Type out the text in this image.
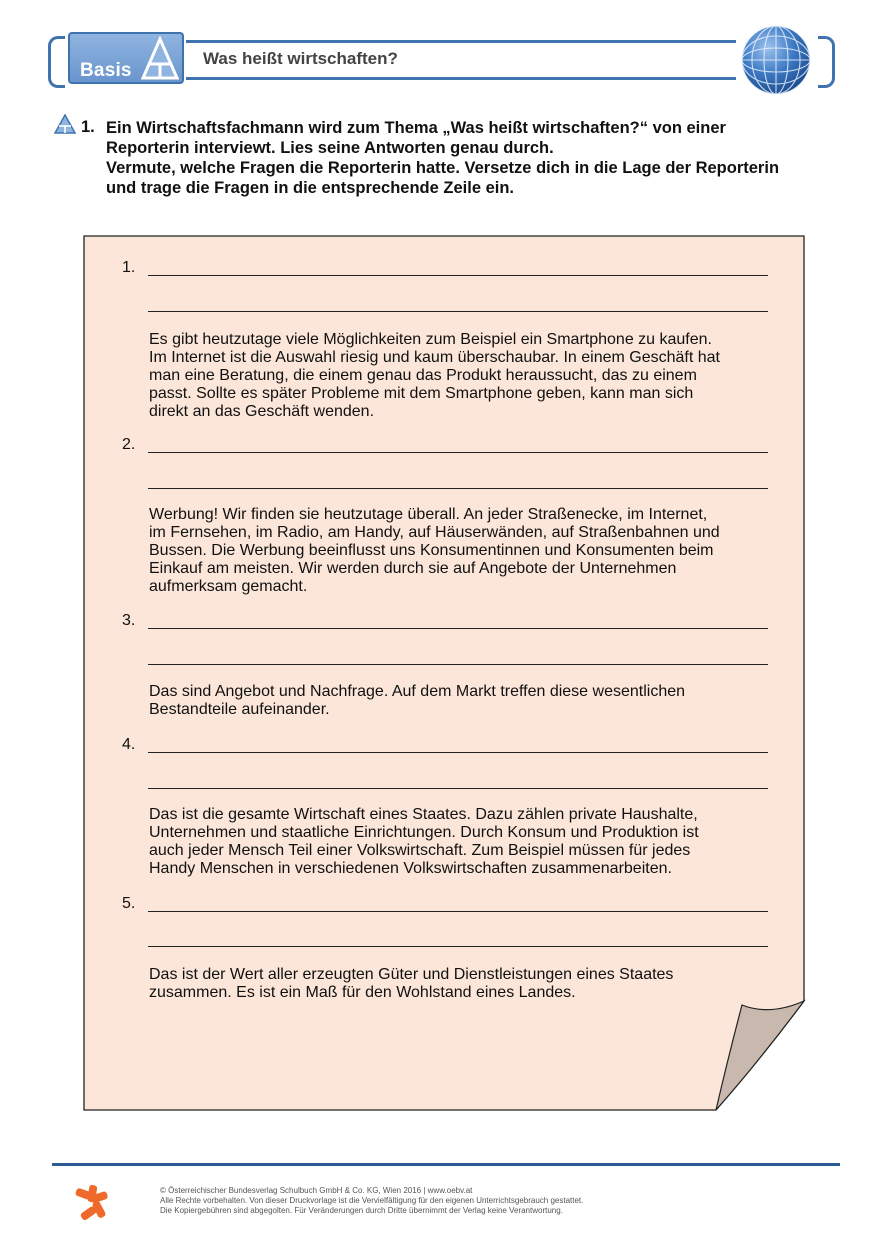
Basis
Was heißt wirtschaften?
1. Ein Wirtschaftsfachmann wird zum Thema „Was heißt wirtschaften?“ von einer

Reporterin interviewt. Lies seine Antworten genau durch.

Vermute, welche Fragen die Reporterin hatte. Versetze dich in die Lage der Reporterin

und trage die Fragen in die entsprechende Zeile ein.

1.
Es gibt heutzutage viele Möglichkeiten zum Beispiel ein Smartphone zu kaufen.
Im Internet ist die Auswahl riesig und kaum überschaubar. In einem Geschäft hat
man eine Beratung, die einem genau das Produkt heraussucht, das zu einem
passt. Sollte es später Probleme mit dem Smartphone geben, kann man sich
direkt an das Geschäft wenden.
2.
Werbung! Wir finden sie heutzutage überall. An jeder Straßenecke, im Internet,
im Fernsehen, im Radio, am Handy, auf Häuserwänden, auf Straßenbahnen und
Bussen. Die Werbung beeinflusst uns Konsumentinnen und Konsumenten beim
Einkauf am meisten. Wir werden durch sie auf Angebote der Unternehmen
aufmerksam gemacht.
3.
Das sind Angebot und Nachfrage. Auf dem Markt treffen diese wesentlichen
Bestandteile aufeinander.
4.
Das ist die gesamte Wirtschaft eines Staates. Dazu zählen private Haushalte,
Unternehmen und staatliche Einrichtungen. Durch Konsum und Produktion ist
auch jeder Mensch Teil einer Volkswirtschaft. Zum Beispiel müssen für jedes
Handy Menschen in verschiedenen Volkswirtschaften zusammenarbeiten.
5.
Das ist der Wert aller erzeugten Güter und Dienstleistungen eines Staates
zusammen. Es ist ein Maß für den Wohlstand eines Landes.
© Österreichischer Bundesverlag Schulbuch GmbH & Co. KG, Wien 2016 | www.oebv.at
Alle Rechte vorbehalten. Von dieser Druckvorlage ist die Vervielfältigung für den eigenen Unterrichtsgebrauch gestattet.
Die Kopiergebühren sind abgegolten. Für Veränderungen durch Dritte übernimmt der Verlag keine Verantwortung.
